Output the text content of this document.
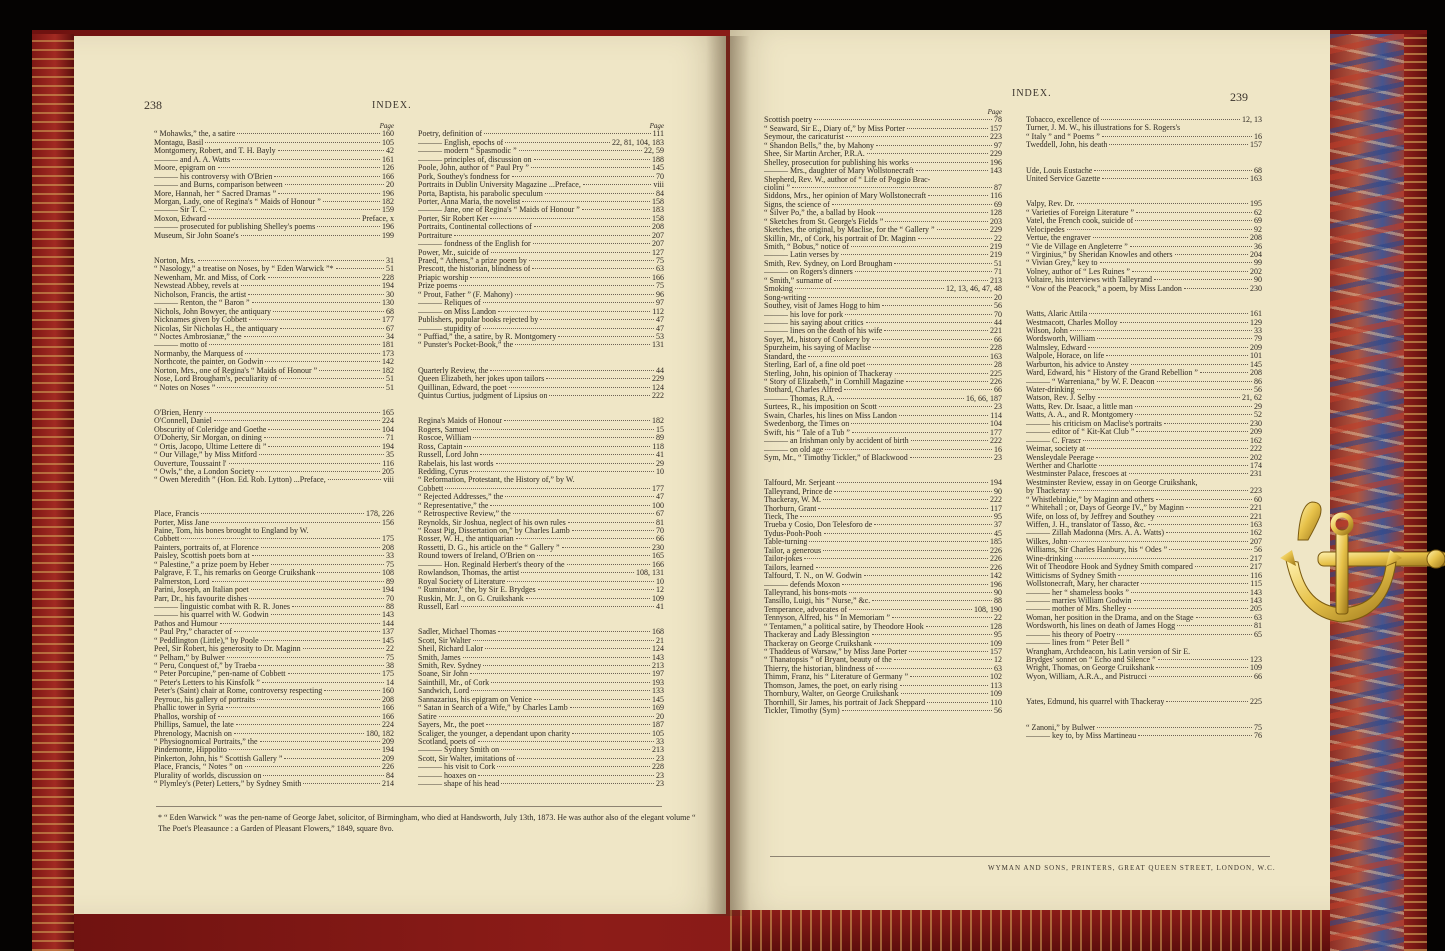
238	INDEX.
Page
“ Mohawks,” the, a satire	160
Montagu, Basil	105
Montgomery, Robert, and T. H. Bayly	42
——— and A. A. Watts	161
Moore, epigram on	126
——— his controversy with O'Brien	166
——— and Burns, comparison between	20
More, Hannah, her “ Sacred Dramas ”	196
Morgan, Lady, one of Regina's “ Maids of Honour ”	182
——— Sir T. C.	159
Moxon, Edward	Preface, x
——— prosecuted for publishing Shelley's poems	196
Museum, Sir John Soane's	199
Norton, Mrs.	31
“ Nasology,” a treatise on Noses, by “ Eden Warwick ”*	51
Newenham, Mr. and Miss, of Cork	228
Newstead Abbey, revels at	194
Nicholson, Francis, the artist	30
——— Renton, the “ Baron ”	130
Nichols, John Bowyer, the antiquary	68
Nicknames given by Cobbett	177
Nicolas, Sir Nicholas H., the antiquary	67
“ Noctes Ambrosianæ,” the	34
——— motto of	181
Normanby, the Marquess of	173
Northcote, the painter, on Godwin	142
Norton, Mrs., one of Regina's “ Maids of Honour ”	182
Nose, Lord Brougham's, peculiarity of	51
“ Notes on Noses ”	51
O'Brien, Henry	165
O'Connell, Daniel	224
Obscurity of Coleridge and Goethe	104
O'Doherty, Sir Morgan, on dining	71
“ Ortis, Jacopo, Ultime Lettere di ”	194
“ Our Village,” by Miss Mitford	35
Ouverture, Toussaint l'	116
“ Owls,” the, a London Society	205
“ Owen Meredith ” (Hon. Ed. Rob. Lytton) ...Preface,	viii
Place, Francis	178, 226
Porter, Miss Jane	156
Paine, Tom, his bones brought to England by W.
Cobbett	175
Painters, portraits of, at Florence	208
Paisley, Scottish poets born at	33
“ Palestine,” a prize poem by Heber	75
Palgrave, F. T., his remarks on George Cruikshank	108
Palmerston, Lord	89
Parini, Joseph, an Italian poet	194
Parr, Dr., his favourite dishes	70
——— linguistic combat with R. R. Jones	88
——— his quarrel with W. Godwin	143
Pathos and Humour	144
“ Paul Pry,” character of	137
“ Peddlington (Little),” by Poole	145
Peel, Sir Robert, his generosity to Dr. Maginn	22
“ Pelham,” by Bulwer	75
“ Peru, Conquest of,” by Traeba	38
“ Peter Porcupine,” pen-name of Cobbett	175
“ Peter's Letters to his Kinsfolk ”	14
Peter's (Saint) chair at Rome, controversy respecting	160
Peyrouc, his gallery of portraits	208
Phallic tower in Syria	166
Phallos, worship of	166
Phillips, Samuel, the late	224
Phrenology, Macnish on	180, 182
“ Physiognomical Portraits,” the	209
Pindemonte, Hippolito	194
Pinkerton, John, his “ Scottish Gallery ”	209
Place, Francis, “ Notes ” on	226
Plurality of worlds, discussion on	84
“ Plymley's (Peter) Letters,” by Sydney Smith	214
Page
Poetry, definition of	111
——— English, epochs of	22, 81, 104, 183
——— modern “ Spasmodic ”	22, 59
——— principles of, discussion on	188
Poole, John, author of “ Paul Pry ”	145
Pork, Southey's fondness for	70
Portraits in Dublin University Magazine ...Preface,	viii
Porta, Baptista, his parabolic speculum	84
Porter, Anna Maria, the novelist	158
——— Jane, one of Regina's “ Maids of Honour ”	183
Porter, Sir Robert Ker	158
Portraits, Continental collections of	208
Portraiture	207
——— fondness of the English for	207
Power, Mr., suicide of	127
Praed, “ Athens,” a prize poem by	75
Prescott, the historian, blindness of	63
Priapic worship	166
Prize poems	75
“ Prout, Father ” (F. Mahony)	96
——— Reliques of	97
——— on Miss Landon	112
Publishers, popular books rejected by	47
——— stupidity of	47
“ Puffiad,” the, a satire, by R. Montgomery	53
“ Punster's Pocket-Book,” the	131
Quarterly Review, the	44
Queen Elizabeth, her jokes upon tailors	229
Quillinan, Edward, the poet	124
Quintus Curtius, judgment of Lipsius on	222
Regina's Maids of Honour	182
Rogers, Samuel	15
Roscoe, William	89
Ross, Captain	118
Russell, Lord John	41
Rabelais, his last words	29
Redding, Cyrus	10
“ Reformation, Protestant, the History of,” by W.
Cobbett	177
“ Rejected Addresses,” the	47
“ Representative,” the	100
“ Retrospective Review,” the	67
Reynolds, Sir Joshua, neglect of his own rules	81
“ Roast Pig, Dissertation on,” by Charles Lamb	70
Rosser, W. H., the antiquarian	66
Rossetti, D. G., his article on the “ Gallery ”	230
Round towers of Ireland, O'Brien on	165
——— Hon. Reginald Herbert's theory of the	166
Rowlandson, Thomas, the artist	108, 131
Royal Society of Literature	10
“ Ruminator,” the, by Sir E. Brydges	12
Ruskin, Mr. J., on G. Cruikshank	109
Russell, Earl	41
Sadler, Michael Thomas	168
Scott, Sir Walter	21
Sheil, Richard Lalor	124
Smith, James	143
Smith, Rev. Sydney	213
Soane, Sir John	197
Sainthill, Mr., of Cork	193
Sandwich, Lord	133
Sannazarius, his epigram on Venice	145
“ Satan in Search of a Wife,” by Charles Lamb	169
Satire	20
Sayers, Mr., the poet	187
Scaliger, the younger, a dependant upon charity	105
Scotland, poets of	33
——— Sydney Smith on	213
Scott, Sir Walter, imitations of	23
——— his visit to Cork	228
——— hoaxes on	23
——— shape of his head	23
* “ Eden Warwick ” was the pen-name of George Jabet, solicitor, of Birmingham, who died at Handsworth, July 13th, 1873. He was author also of the elegant volume “ The Poet's Pleasaunce : a Garden of Pleasant Flowers,” 1849, square 8vo.
INDEX.	239
Page
Scottish poetry	78
“ Seaward, Sir E., Diary of,” by Miss Porter	157
Seymour, the caricaturist	223
“ Shandon Bells,” the, by Mahony	97
Shee, Sir Martin Archer, P.R.A.	229
Shelley, prosecution for publishing his works	196
——— Mrs., daughter of Mary Wollstonecraft	143
Shepherd, Rev. W., author of “ Life of Poggio Brac-
ciolini ”	87
Siddons, Mrs., her opinion of Mary Wollstonecraft	116
Signs, the science of	69
“ Silver Po,” the, a ballad by Hook	128
“ Sketches from St. George's Fields ”	203
Sketches, the original, by Maclise, for the “ Gallery ”	229
Skillin, Mr., of Cork, his portrait of Dr. Maginn	22
Smith, “ Bobus,” notice of	219
——— Latin verses by	219
Smith, Rev. Sydney, on Lord Brougham	51
——— on Rogers's dinners	71
“ Smith,” surname of	213
Smoking	12, 13, 46, 47, 48
Song-writing	20
Southey, visit of James Hogg to him	56
——— his love for pork	70
——— his saying about critics	44
——— lines on the death of his wife	221
Soyer, M., history of Cookery by	66
Spurzheim, his saying of Maclise	228
Standard, the	163
Sterling, Earl of, a fine old poet	28
Sterling, John, his opinion of Thackeray	225
“ Story of Elizabeth,” in Cornhill Magazine	226
Stothard, Charles Alfred	66
——— Thomas, R.A.	16, 66, 187
Surtees, R., his imposition on Scott	23
Swain, Charles, his lines on Miss Landon	114
Swedenborg, the Times on	104
Swift, his “ Tale of a Tub ”	177
——— an Irishman only by accident of birth	222
——— on old age	16
Sym, Mr., “ Timothy Tickler,” of Blackwood	23
Talfourd, Mr. Serjeant	194
Talleyrand, Prince de	90
Thackeray, W. M.	222
Thorburn, Grant	117
Tieck, The	95
Trueba y Cosio, Don Telesforo de	37
Tydus-Pooh-Pooh	45
Table-turning	185
Tailor, a generous	226
Tailor-jokes	226
Tailors, learned	226
Talfourd, T. N., on W. Godwin	142
——— defends Moxon	196
Talleyrand, his bons-mots	90
Tansillo, Luigi, his “ Nurse,” &c.	88
Temperance, advocates of	108, 190
Tennyson, Alfred, his “ In Memoriam ”	22
“ Tentamen,” a political satire, by Theodore Hook	128
Thackeray and Lady Blessington	95
Thackeray on George Cruikshank	109
“ Thaddeus of Warsaw,” by Miss Jane Porter	157
“ Thanatopsis ” of Bryant, beauty of the	12
Thierry, the historian, blindness of	63
Thimm, Franz, his “ Literature of Germany ”	102
Thomson, James, the poet, on early rising	113
Thornbury, Walter, on George Cruikshank	109
Thornhill, Sir James, his portrait of Jack Sheppard	110
Tickler, Timothy (Sym)	56
Tobacco, excellence of	12, 13
Turner, J. M. W., his illustrations for S. Rogers's
“ Italy ” and “ Poems ”	16
Tweddell, John, his death	157
Ude, Louis Eustache	68
United Service Gazette	163
Valpy, Rev. Dr.	195
“ Varieties of Foreign Literature ”	62
Vatel, the French cook, suicide of	69
Velocipedes	92
Vertue, the engraver	208
“ Vie de Village en Angleterre ”	36
“ Virginius,” by Sheridan Knowles and others	204
“ Vivian Grey,” key to	99
Volney, author of “ Les Ruines ”	202
Voltaire, his interviews with Talleyrand	90
“ Vow of the Peacock,” a poem, by Miss Landon	230
Watts, Alaric Attila	161
Westmacott, Charles Molloy	129
Wilson, John	33
Wordsworth, William	79
Walmsley, Edward	209
Walpole, Horace, on life	101
Warburton, his advice to Anstey	145
Ward, Edward, his “ History of the Grand Rebellion ”	208
——— “ Warreniana,” by W. F. Deacon	86
Water-drinking	56
Watson, Rev. J. Selby	21, 62
Watts, Rev. Dr. Isaac, a little man	29
Watts, A. A., and R. Montgomery	52
——— his criticism on Maclise's portraits	230
——— editor of “ Kit-Kat Club ”	209
——— C. Frascr	162
Weimar, society at	222
Wensleydale Peerage	202
Werther and Charlotte	174
Westminster Palace, frescoes at	231
Westminster Review, essay in on George Cruikshank,
by Thackeray	223
“ Whistlebinkie,” by Maginn and others	60
“ Whitehall ; or, Days of George IV.,” by Maginn	221
Wife, on loss of, by Jeffrey and Southey	221
Wiffen, J. H., translator of Tasso, &c.	163
——— Zillah Madonna (Mrs. A. A. Watts)	162
Wilkes, John	207
Williams, Sir Charles Hanbury, his “ Odes ”	56
Wine-drinking	217
Wit of Theodore Hook and Sydney Smith compared	217
Witticisms of Sydney Smith	116
Wollstonecraft, Mary, her character	115
——— her “ shameless books ”	143
——— marries William Godwin	143
——— mother of Mrs. Shelley	205
Woman, her position in the Drama, and on the Stage	63
Wordsworth, his lines on death of James Hogg	81
——— his theory of Poetry	65
——— lines from “ Peter Bell ”
Wrangham, Archdeacon, his Latin version of Sir E.
Brydges' sonnet on “ Echo and Silence ”	123
Wright, Thomas, on George Cruikshank	109
Wyon, William, A.R.A., and Pistrucci	66
Yates, Edmund, his quarrel with Thackeray	225
“ Zanoni,” by Bulwer	75
——— key to, by Miss Martineau	76
WYMAN AND SONS, PRINTERS, GREAT QUEEN STREET, LONDON, W.C.
